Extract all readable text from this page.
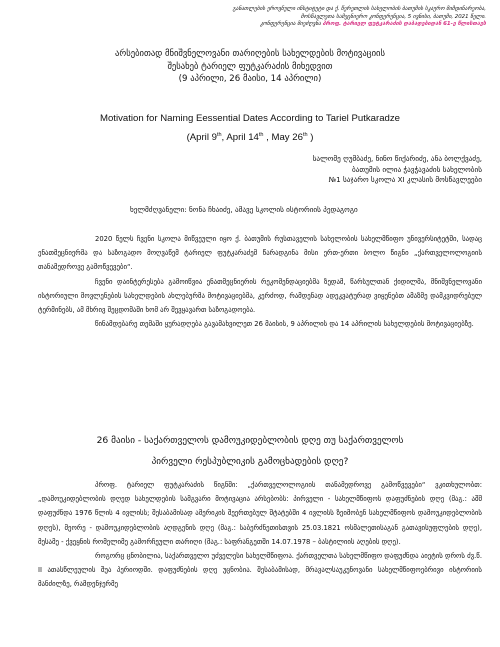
განათლების ეროვნული ინსტიტუტი და ქ. წერეთლის სახელობის ბათუმის სკაურო მიმდინარეობა,
მოსწავლეთა სამეცნიერო კონფერენცია, 5 ივნისი, ბათუმი, 2021 წელი.
კონფერენცია მიეძღვნა პროფ. ტარიელ ფუტკარაძის დაბადებიდან 61-ე წლისთავს
არსებითად მნიშვნელოვანი თარიღების სახელდების მოტივაციის
შესახებ ტარიელ ფუტკარაძის მიხედვით
(9 აპრილი, 26 მაისი, 14 აპრილი)
Motivation for Naming Eessential Dates According to Tariel Putkaradze
(April 9th, April 14th , May 26th )
სალომე ღუმბაძე, ნინო წიქარიძე, ანა ბოლქვაძე,
ბათუმის ილია ჭავჭავაძის სახელობის
№1 საჯარო სკოლა XI კლასის მოსწავლეები
ხელმძღვანელი: ნონა ჩხაიძე, ამავე სკოლის ისტორიის პედაგოგი

2020 წელს ჩვენი სკოლა მიწვეული იყო ქ. ბათუმის რუსთაველის სახელობის სახელმწიფო უნივერსიტეტში, სადაც ენათმეცნიერმა და საზოგადო მოღვაწემ ტარიელ ფუტკარაძემ წარადგინა მისი ერთ-ერთი ბოლო წიგნი „ქართველოლოგიის თანამედროვე გამოწვევები“.

ჩვენი დაინტერესება გამოიწვია ენათმეცნიერის რეკომენდაციებმა ზედამ, წარსულთან ქიდილმა, მნიშვნელოვანი ისტორიული მოვლენების სახელდების ახლებურმა მოტივაციებმა, კერძოდ, რამდენად ადეკვატურად ვიყენებთ ამაზმე დამკვიდრებულ ტერმინებს, ამ მხრივ შეცდომაში ხომ არ შევყავართ საზოგადოება.

წინამდებარე თემაში ყურადღება გავამახვილეთ 26 მაისის, 9 აპრილის და 14 აპრილის სახელდების მოტივაციებზე.

26 მაისი - საქართველოს დამოუკიდებლობის დღე თუ საქართველოს
პირველი რესპუბლიკის გამოცხადების დღე?

პროფ. ტარიელ ფუტკარაძის წიგნში: „ქართველოლოგიის თანამედროვე გამოწვევები“ ვკითხულობთ: „დამოუკიდებლობის დღედ სახელდების სამგვარი მოტივაცია არსებობს: პირველი - სახელმწიფოს დაფუძნების დღე (მაგ.: აშშ დაფუძნდა 1976 წლის 4 ივლისს; შესაბამისად ამერიკის შეერთებულ შტატებში 4 ივლისს ზეიმობენ სახელმწიფოს დამოუკიდებლობის დღეს), მეორე - დამოუკიდებლობის აღდგენის დღე (მაგ.: საბერძნეთისთვის 25.03.1821 ოსმალეთისაგან გათავისუფლების დღე), მესამე - ქვეყნის რომელიმე გამორჩეული თარიღი (მაგ.: საფრანგეთში 14.07.1978 – ბასტილიის აღების დღე).

როგორც ცნობილია, საქართველო უძველესი სახელმწიფოა. ქართველთა სახელმწიფო დაფუძნდა აიეტის დროს ძვ.წ. II ათასწლეულის შუა პერიოდში. დაფუძნების დღე უცნობია. შესაბამისად, მრავალსაუკუნოვანი სახელმწიფოებრივი ისტორიის მანძილზე, რამდენჯერმე
